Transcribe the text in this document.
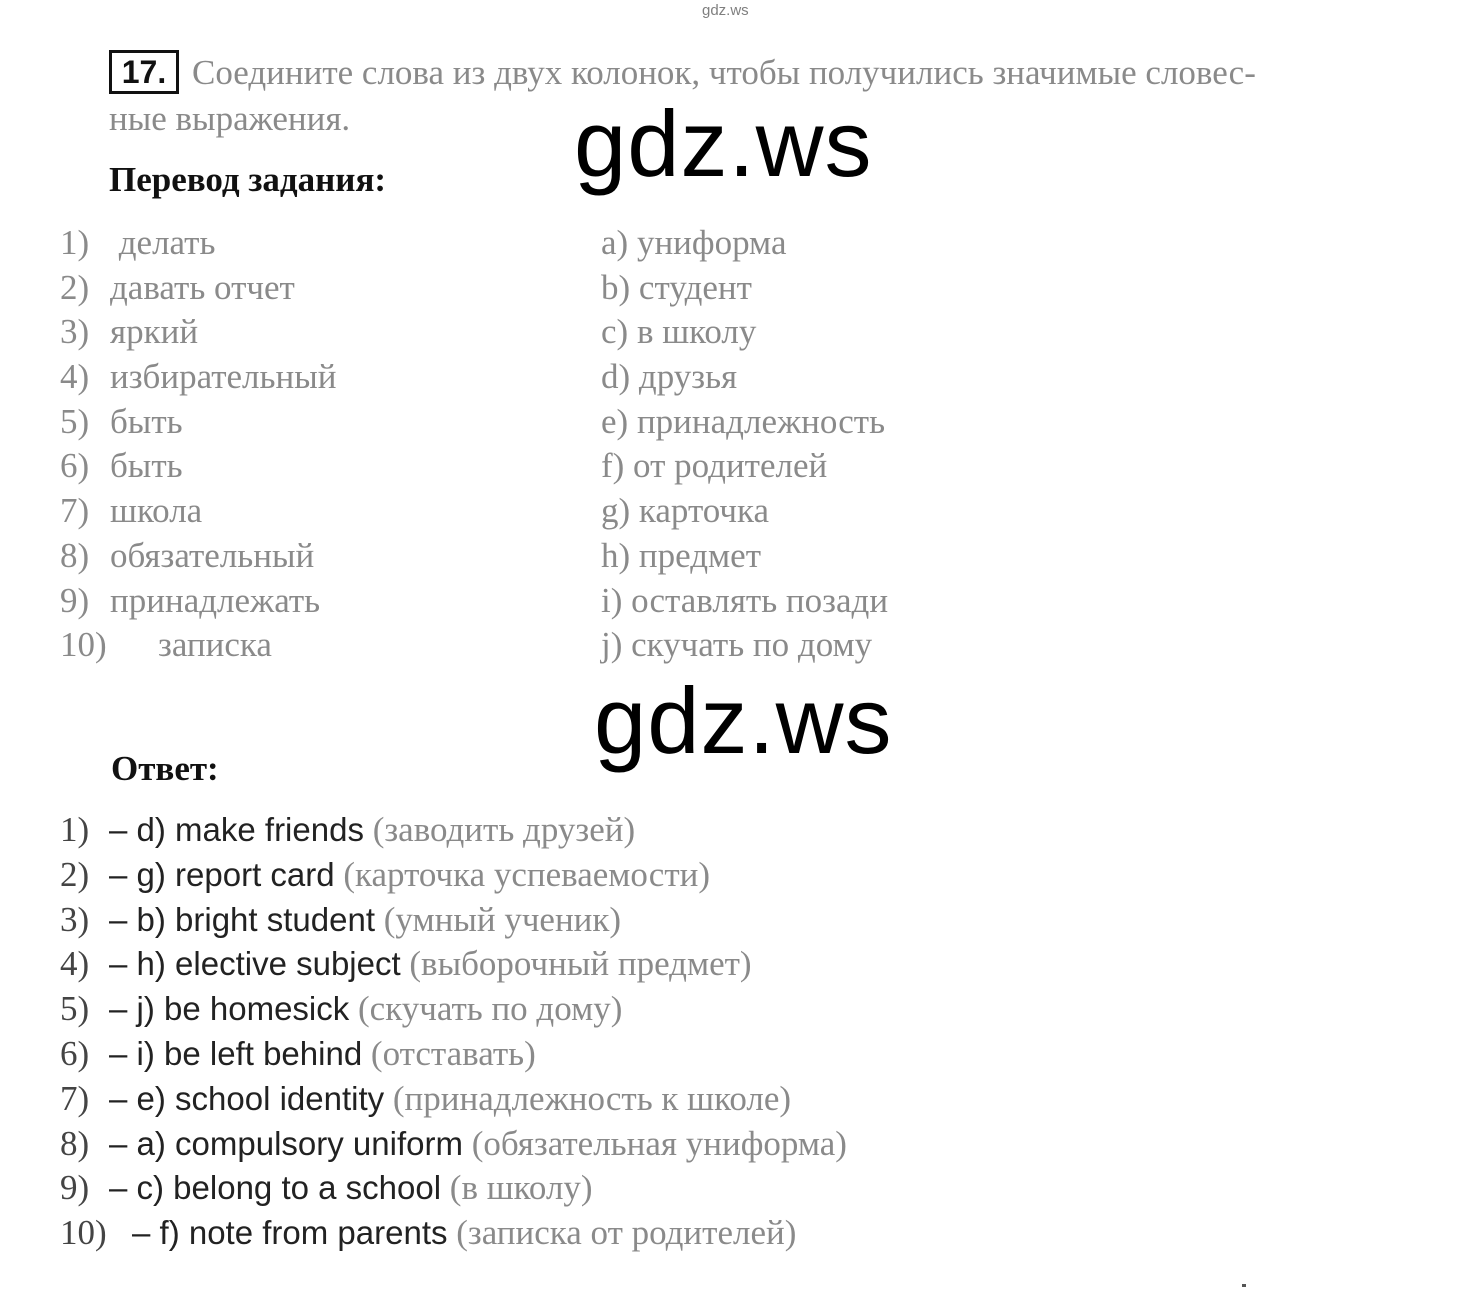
gdz.ws
17. Соедините слова из двух колонок, чтобы получились значимые словес-
ные выражения. gdz.ws
Перевод задания:
1) делать
2) давать отчет
3) яркий
4) избирательный
5) быть
6) быть
7) школа
8) обязательный
9) принадлежать
10) записка
a) униформа
b) студент
c) в школу
d) друзья
e) принадлежность
f) от родителей
g) карточка
h) предмет
i) оставлять позади
j) скучать по дому
gdz.ws
Ответ:
1) – d) make friends (заводить друзей)
2) – g) report card (карточка успеваемости)
3) – b) bright student (умный ученик)
4) – h) elective subject (выборочный предмет)
5) – j) be homesick (скучать по дому)
6) – i) be left behind (отставать)
7) – e) school identity (принадлежность к школе)
8) – a) compulsory uniform (обязательная униформа)
9) – c) belong to a school (в школу)
10) – f) note from parents (записка от родителей)
